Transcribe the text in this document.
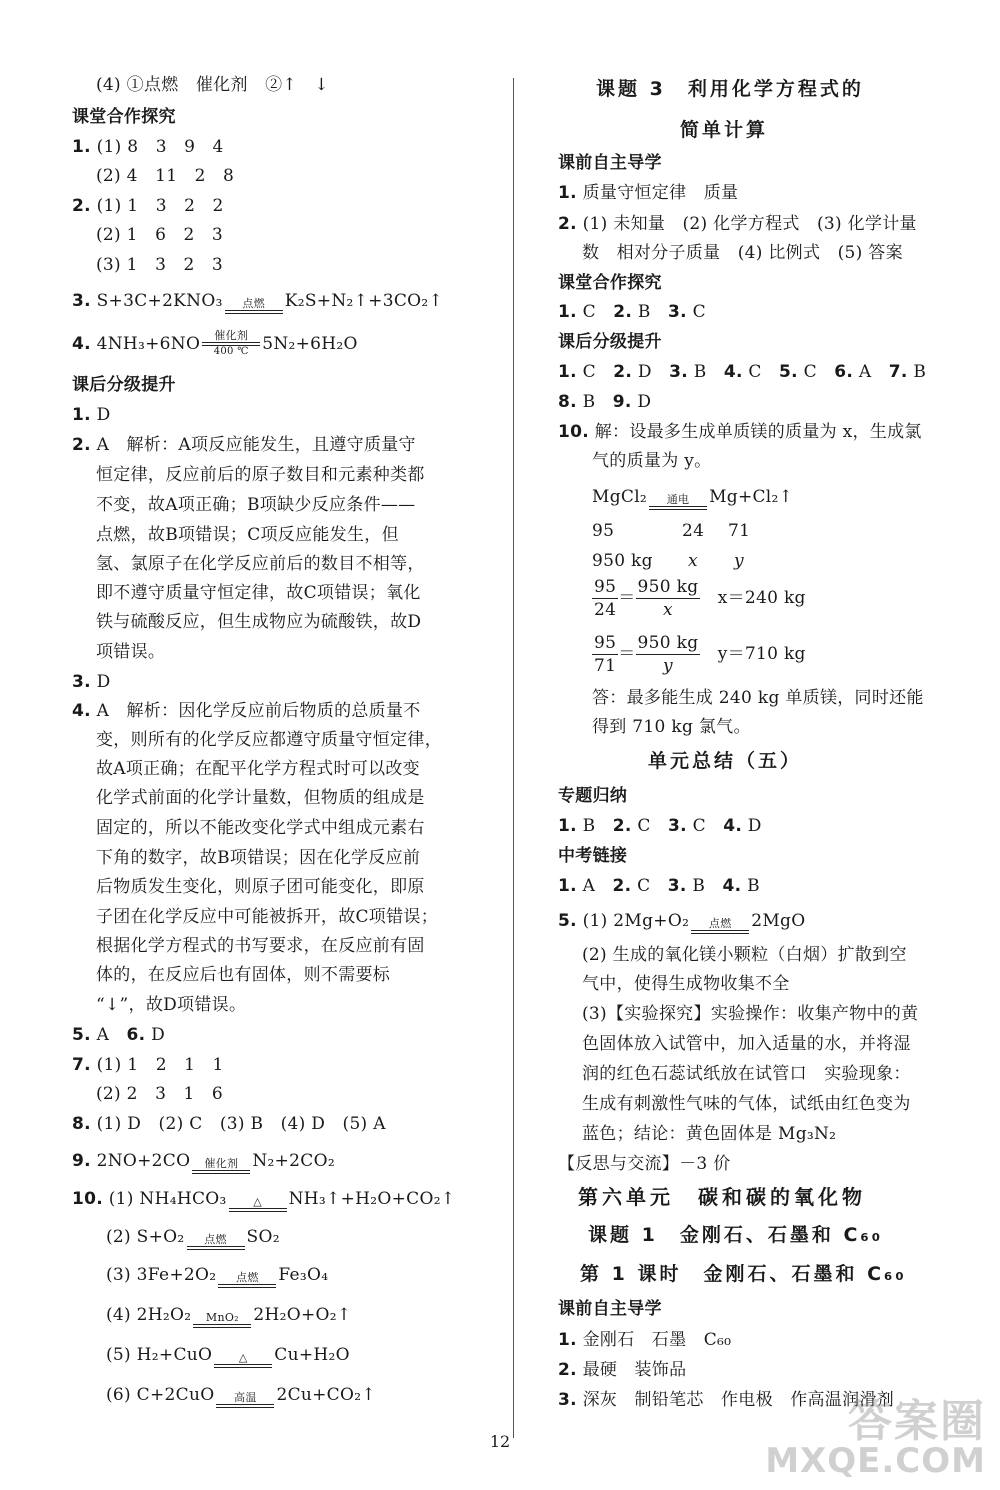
(4) ①点燃　催化剂　②↑　↓
课堂合作探究
1. (1) 8　3　9　4
(2) 4　11　2　8
2. (1) 1　3　2　2
(2) 1　6　2　3
(3) 1　3　2　3
3. S+3C+2KNO₃	点燃	K₂S+N₂↑+3CO₂↑
4. 4NH₃+6NO	催化剂
400 ℃ 5N₂+6H₂O
课后分级提升
1. D
2. A　解析：A项反应能发生，且遵守质量守
恒定律，反应前后的原子数目和元素种类都
不变，故A项正确；B项缺少反应条件——
点燃，故B项错误；C项反应能发生，但
氢、氯原子在化学反应前后的数目不相等，
即不遵守质量守恒定律，故C项错误；氧化
铁与硫酸反应，但生成物应为硫酸铁，故D
项错误。
3. D
4. A　解析：因化学反应前后物质的总质量不
变，则所有的化学反应都遵守质量守恒定律，
故A项正确；在配平化学方程式时可以改变
化学式前面的化学计量数，但物质的组成是
固定的，所以不能改变化学式中组成元素右
下角的数字，故B项错误；因在化学反应前
后物质发生变化，则原子团可能变化，即原
子团在化学反应中可能被拆开，故C项错误；
根据化学方程式的书写要求，在反应前有固
体的，在反应后也有固体，则不需要标
“↓”，故D项错误。
5. A　6. D
7. (1) 1　2　1　1
(2) 2　3　1　6
8. (1) D　(2) C　(3) B　(4) D　(5) A
9. 2NO+2CO	催化剂 N₂+2CO₂
10. (1) NH₄HCO₃	△	NH₃↑+H₂O+CO₂↑
(2) S+O₂	点燃	SO₂
(3) 3Fe+2O₂	点燃	Fe₃O₄
(4) 2H₂O₂	MnO₂ 2H₂O+O₂↑
(5) H₂+CuO	△	Cu+H₂O
(6) C+2CuO	高温	2Cu+CO₂↑
课题 3　利用化学方程式的
简单计算
课前自主导学
1. 质量守恒定律　质量
2. (1) 未知量　(2) 化学方程式　(3) 化学计量
数　相对分子质量　(4) 比例式　(5) 答案
课堂合作探究
1. C　 2. B　 3. C
课后分级提升
1. C　 2. D　 3. B　 4. C　 5. C　 6. A　 7. B
8. B　 9. D
10. 解：设最多生成单质镁的质量为 x，生成氯
气的质量为 y。
MgCl₂	通电	Mg+Cl₂↑
95	24 71
950 kg x y
$\frac{95}{24} = \frac{950 kg}{x}$
　 x＝240 kg
$\frac{95}{71} = \frac{950 kg}{y}$
　 y＝710 kg
答：最多能生成 240 kg 单质镁，同时还能
得到 710 kg 氯气。
单元总结（五）
专题归纳
1. B　 2. C　 3. C　 4. D
中考链接
1. A　 2. C　 3. B　 4. B
5. (1) 2Mg+O₂	点燃	2MgO
(2) 生成的氧化镁小颗粒（白烟）扩散到空
气中，使得生成物收集不全
(3)【实验探究】实验操作：收集产物中的黄
色固体放入试管中，加入适量的水，并将湿
润的红色石蕊试纸放在试管口　实验现象：
生成有刺激性气味的气体，试纸由红色变为
蓝色；结论：黄色固体是 Mg₃N₂
【反思与交流】－3 价
第六单元　碳和碳的氧化物
课题 1　金刚石、石墨和 C₆₀
第 1 课时　金刚石、石墨和 C₆₀
课前自主导学
1. 金刚石　石墨　C₆₀
2. 最硬　装饰品
3. 深灰　制铅笔芯　作电极　作高温润滑剂
12	答案圈
MXQE.COM
